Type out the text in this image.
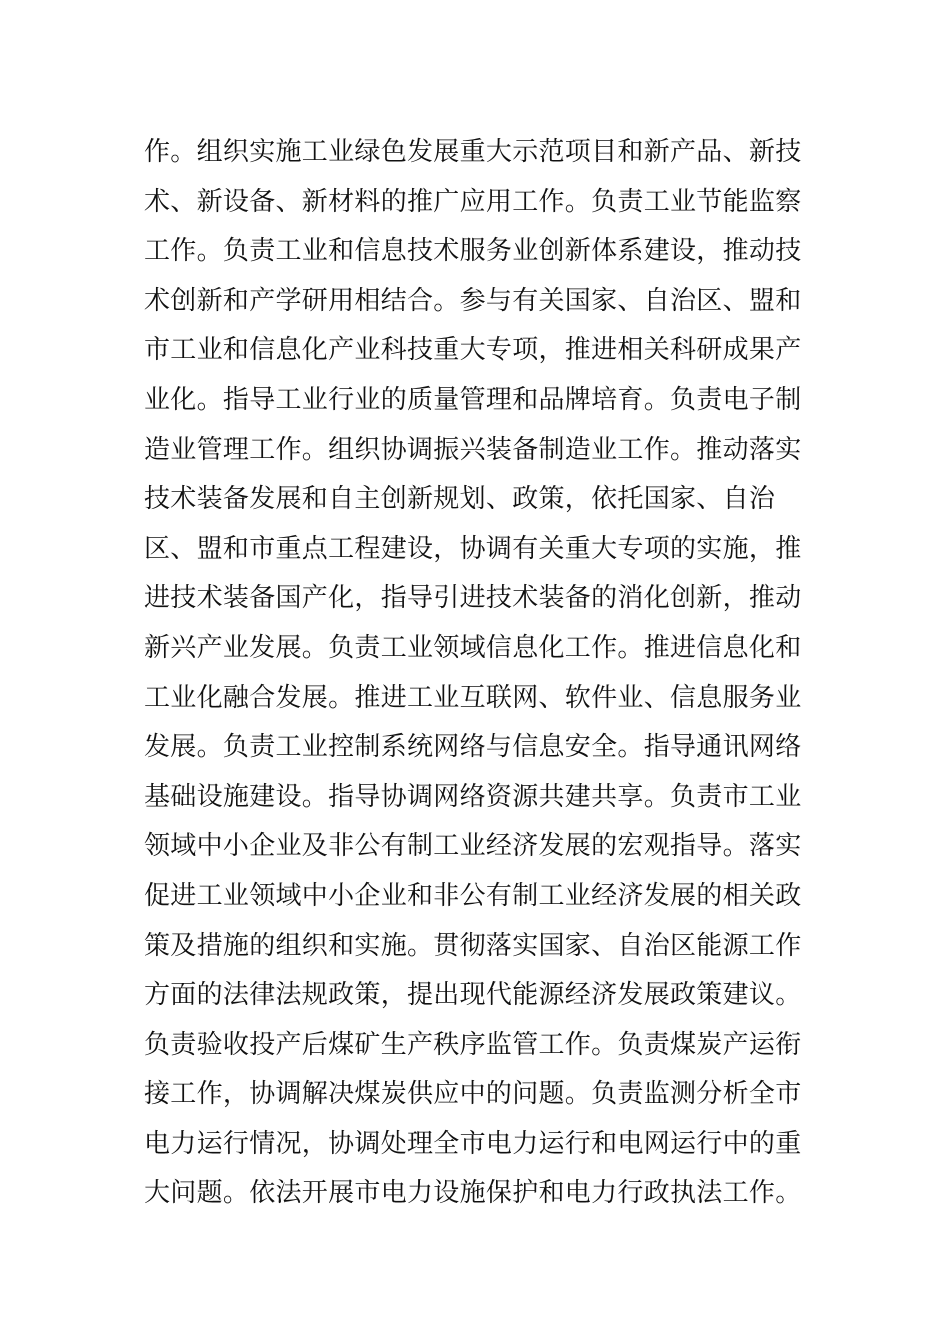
作。组织实施工业绿色发展重大示范项目和新产品、新技
术、新设备、新材料的推广应用工作。负责工业节能监察
工作。负责工业和信息技术服务业创新体系建设，推动技
术创新和产学研用相结合。参与有关国家、自治区、盟和
市工业和信息化产业科技重大专项，推进相关科研成果产
业化。指导工业行业的质量管理和品牌培育。负责电子制
造业管理工作。组织协调振兴装备制造业工作。推动落实
技术装备发展和自主创新规划、政策，依托国家、自治
区、盟和市重点工程建设，协调有关重大专项的实施，推
进技术装备国产化，指导引进技术装备的消化创新，推动
新兴产业发展。负责工业领域信息化工作。推进信息化和
工业化融合发展。推进工业互联网、软件业、信息服务业
发展。负责工业控制系统网络与信息安全。指导通讯网络
基础设施建设。指导协调网络资源共建共享。负责市工业
领域中小企业及非公有制工业经济发展的宏观指导。落实
促进工业领域中小企业和非公有制工业经济发展的相关政
策及措施的组织和实施。贯彻落实国家、自治区能源工作
方面的法律法规政策，提出现代能源经济发展政策建议。
负责验收投产后煤矿生产秩序监管工作。负责煤炭产运衔
接工作，协调解决煤炭供应中的问题。负责监测分析全市
电力运行情况，协调处理全市电力运行和电网运行中的重
大问题。依法开展市电力设施保护和电力行政执法工作。
